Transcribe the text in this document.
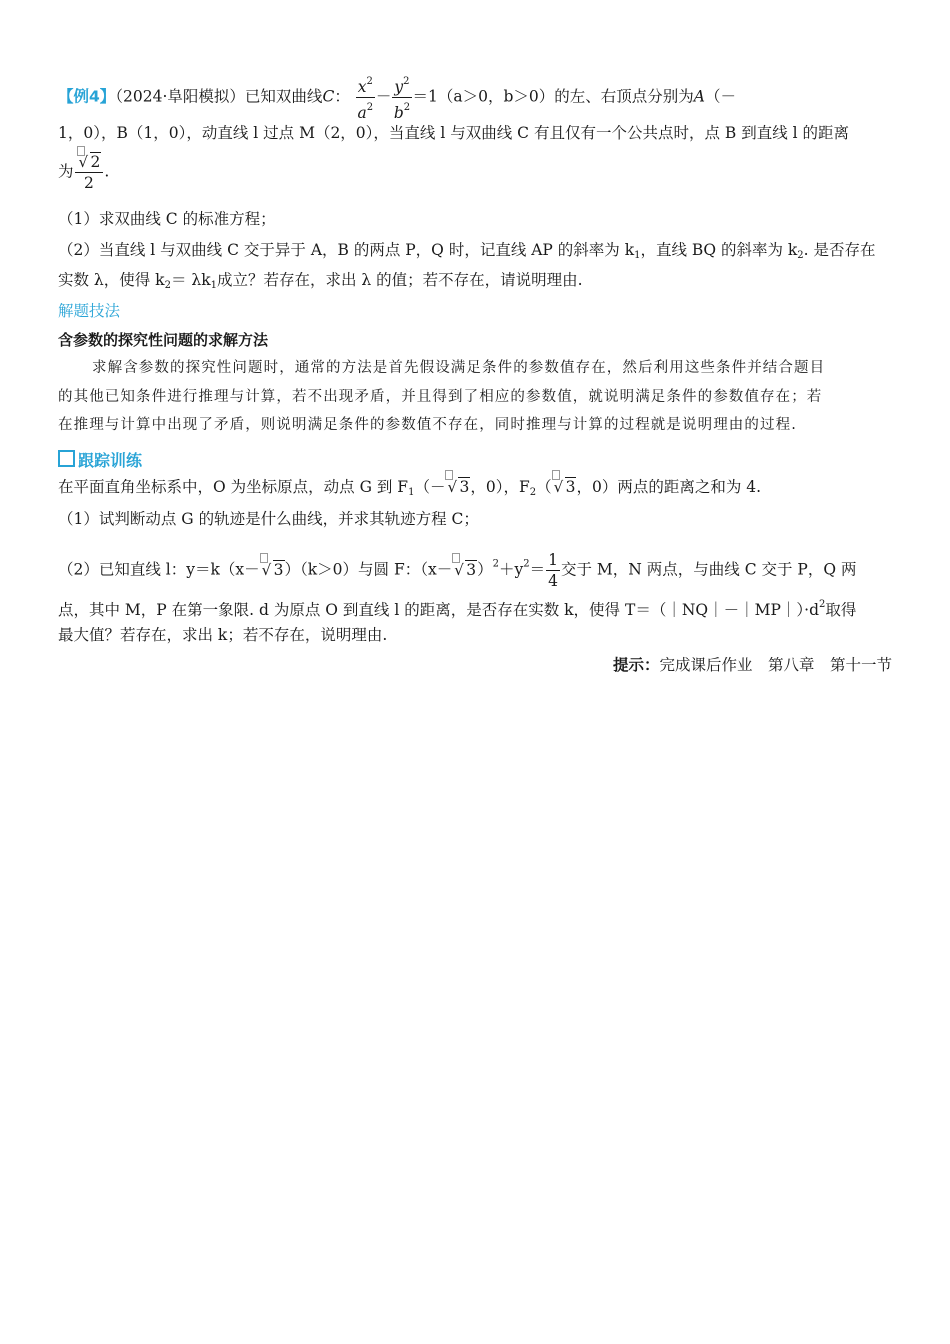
【例4】（2024·阜阳模拟）已知双曲线C： $\frac{x^2}{a^2} - \frac{y^2}{b^2} =1(a>0$，b＞0）的左、右顶点分别为A（－
1，0），B（1，0），动直线 l 过点 M（2，0），当直线 l 与双曲线 C 有且仅有一个公共点时，点 B 到直线 l 的距离
为 $\frac{√ 2}{2}$ .
（1）求双曲线 C 的标准方程；
（2）当直线 l 与双曲线 C 交于异于 A，B 的两点 P，Q 时，记直线 AP 的斜率为 $k_1$，直线 BQ 的斜率为 $k_2$. 是否存在
实数 λ，使得 $k_2= \lambda k_1$成立？若存在，求出 λ 的值；若不存在，请说明理由.
解题技法
含参数的探究性问题的求解方法
求解含参数的探究性问题时，通常的方法是首先假设满足条件的参数值存在，然后利用这些条件并结合题目
的其他已知条件进行推理与计算，若不出现矛盾，并且得到了相应的参数值，就说明满足条件的参数值存在；若
在推理与计算中出现了矛盾，则说明满足条件的参数值不存在，同时推理与计算的过程就是说明理由的过程.
跟踪训练
在平面直角坐标系中，O 为坐标原点，动点 G 到 $F_1(-$ √ 3，0），$F_2$（ √ 3，0）两点的距离之和为 4.
（1）试判断动点 G 的轨迹是什么曲线，并求其轨迹方程 C；
（2）已知直线 l：y＝k（x－ √ 3）（k＞0）与圆 F：（x－ √ $3)^2+y^2= \frac{1}{4}$ 交于 M，N 两点，与曲线 C 交于 P，Q 两
点，其中 M，P 在第一象限. d 为原点 O 到直线 l 的距离，是否存在实数 k，使得 $T=(|NQ|-|MP|)\cdot d^2$取得
最大值？若存在，求出 k；若不存在，说明理由.
提示：完成课后作业　第八章　第十一节
